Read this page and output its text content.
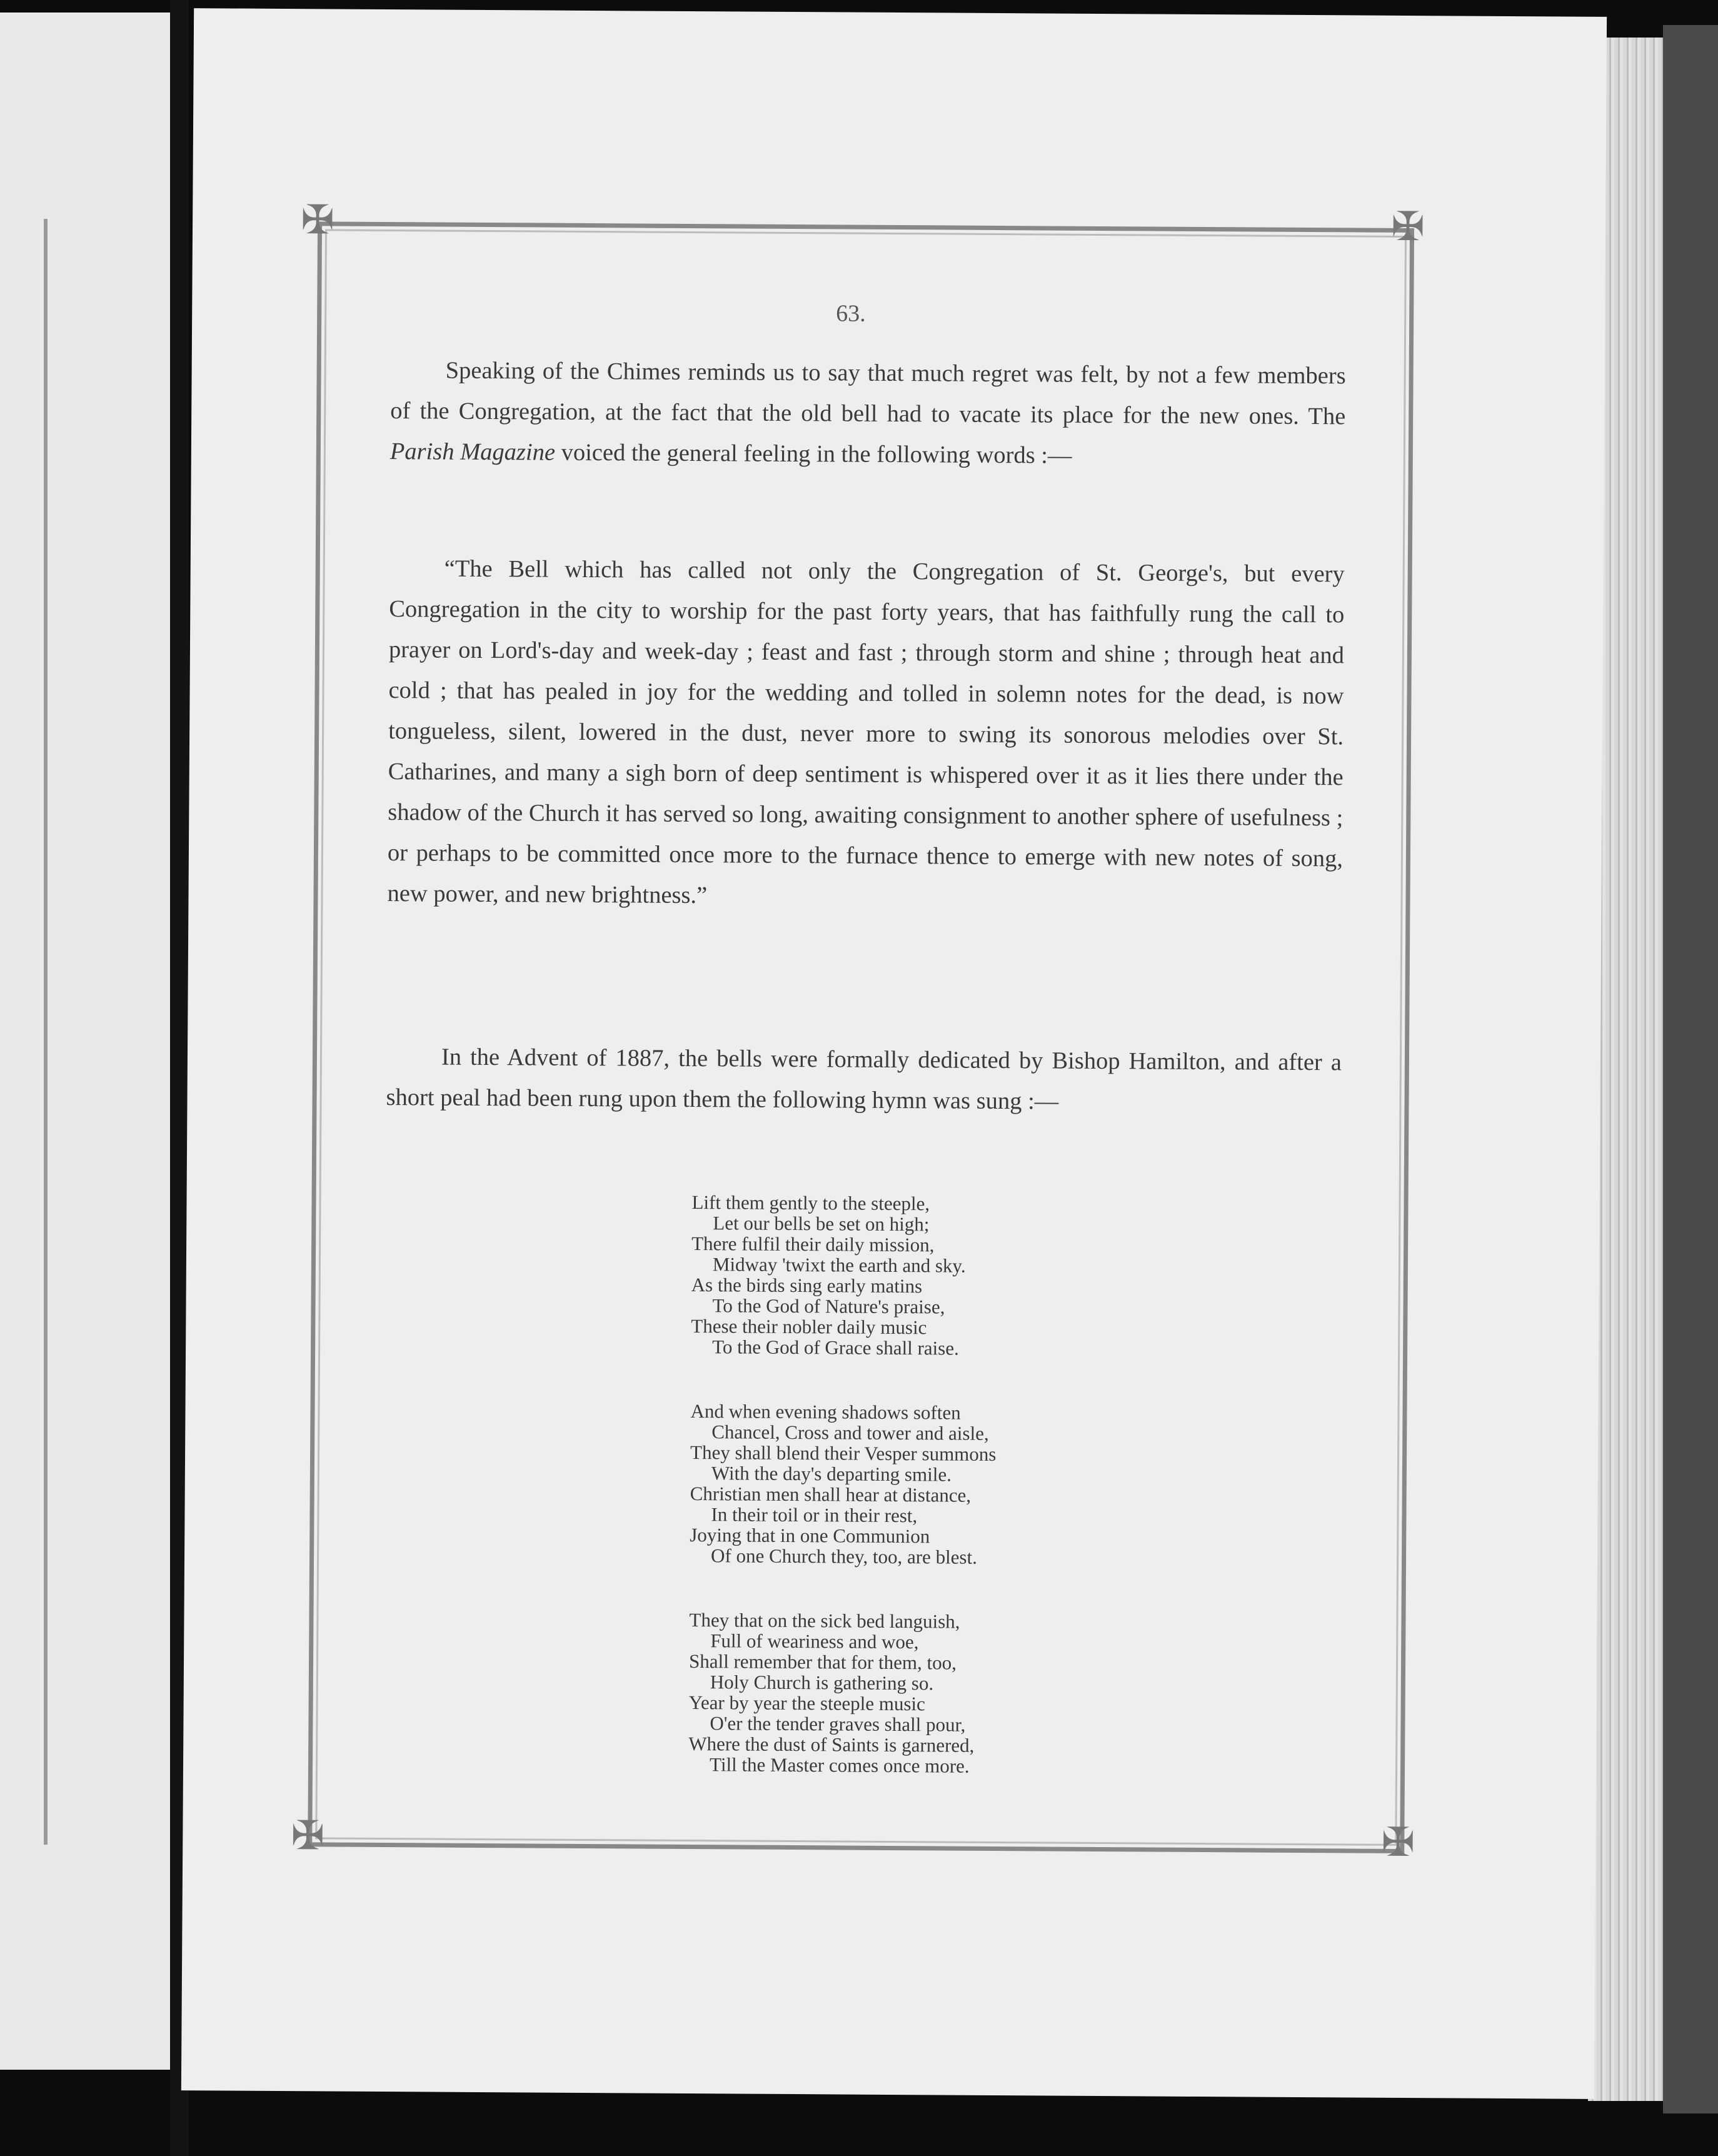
✠	✠
✠	✠
63.

Speaking of the Chimes reminds us to say that much regret was felt, by not a few members of the Congregation, at the fact that the old bell had to vacate its place for the new ones. The Parish Magazine voiced the general feeling in the following words :—

“The Bell which has called not only the Congregation of St. George's, but every Congregation in the city to worship for the past forty years, that has faithfully rung the call to prayer on Lord's-day and week-day ; feast and fast ; through storm and shine ; through heat and cold ; that has pealed in joy for the wedding and tolled in solemn notes for the dead, is now tongueless, silent, lowered in the dust, never more to swing its sonorous melodies over St. Catharines, and many a sigh born of deep sentiment is whispered over it as it lies there under the shadow of the Church it has served so long, awaiting consignment to another sphere of usefulness ; or perhaps to be committed once more to the furnace thence to emerge with new notes of song, new power, and new brightness.”

In the Advent of 1887, the bells were formally dedicated by Bishop Hamilton, and after a short peal had been rung upon them the following hymn was sung :—

Lift them gently to the steeple,
Let our bells be set on high;
There fulfil their daily mission,
Midway 'twixt the earth and sky.
As the birds sing early matins
To the God of Nature's praise,
These their nobler daily music
To the God of Grace shall raise.
And when evening shadows soften
Chancel, Cross and tower and aisle,
They shall blend their Vesper summons
With the day's departing smile.
Christian men shall hear at distance,
In their toil or in their rest,
Joying that in one Communion
Of one Church they, too, are blest.
They that on the sick bed languish,
Full of weariness and woe,
Shall remember that for them, too,
Holy Church is gathering so.
Year by year the steeple music
O'er the tender graves shall pour,
Where the dust of Saints is garnered,
Till the Master comes once more.
